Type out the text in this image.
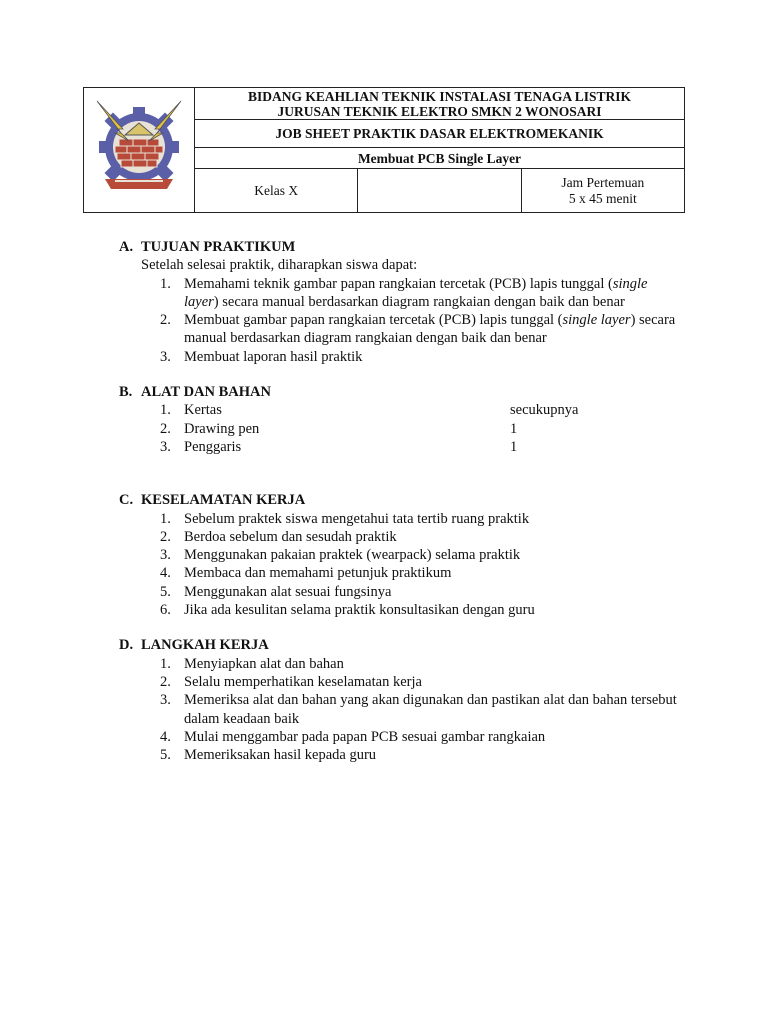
BIDANG KEAHLIAN TEKNIK INSTALASI TENAGA LISTRIK
JURUSAN TEKNIK ELEKTRO SMKN 2 WONOSARI		

	JOB SHEET PRAKTIK DASAR ELEKTROMEKANIK		
	Membuat PCB Single Layer		
	Kelas X		Jam Pertemuan
5 x 45 menit
A. TUJUAN PRAKTIKUM
Setelah selesai praktik, diharapkan siswa dapat:
1. Memahami teknik gambar papan rangkaian tercetak (PCB) lapis tunggal (single layer) secara manual berdasarkan diagram rangkaian dengan baik dan benar
2. Membuat gambar papan rangkaian tercetak (PCB) lapis tunggal (single layer) secara manual berdasarkan diagram rangkaian dengan baik dan benar
3. Membuat laporan hasil praktik
B. ALAT DAN BAHAN
1. Kertas	secukupnya
2. Drawing pen	1
3. Penggaris	1
C. KESELAMATAN KERJA
1. Sebelum praktek siswa mengetahui tata tertib ruang praktik
2. Berdoa sebelum dan sesudah praktik
3. Menggunakan pakaian praktek (wearpack) selama praktik
4. Membaca dan memahami petunjuk praktikum
5. Menggunakan alat sesuai fungsinya
6. Jika ada kesulitan selama praktik konsultasikan dengan guru
D. LANGKAH KERJA
1. Menyiapkan alat dan bahan
2. Selalu memperhatikan keselamatan kerja
3. Memeriksa alat dan bahan yang akan digunakan dan pastikan alat dan bahan tersebut dalam keadaan baik
4. Mulai menggambar pada papan PCB sesuai gambar rangkaian
5. Memeriksakan hasil kepada guru
